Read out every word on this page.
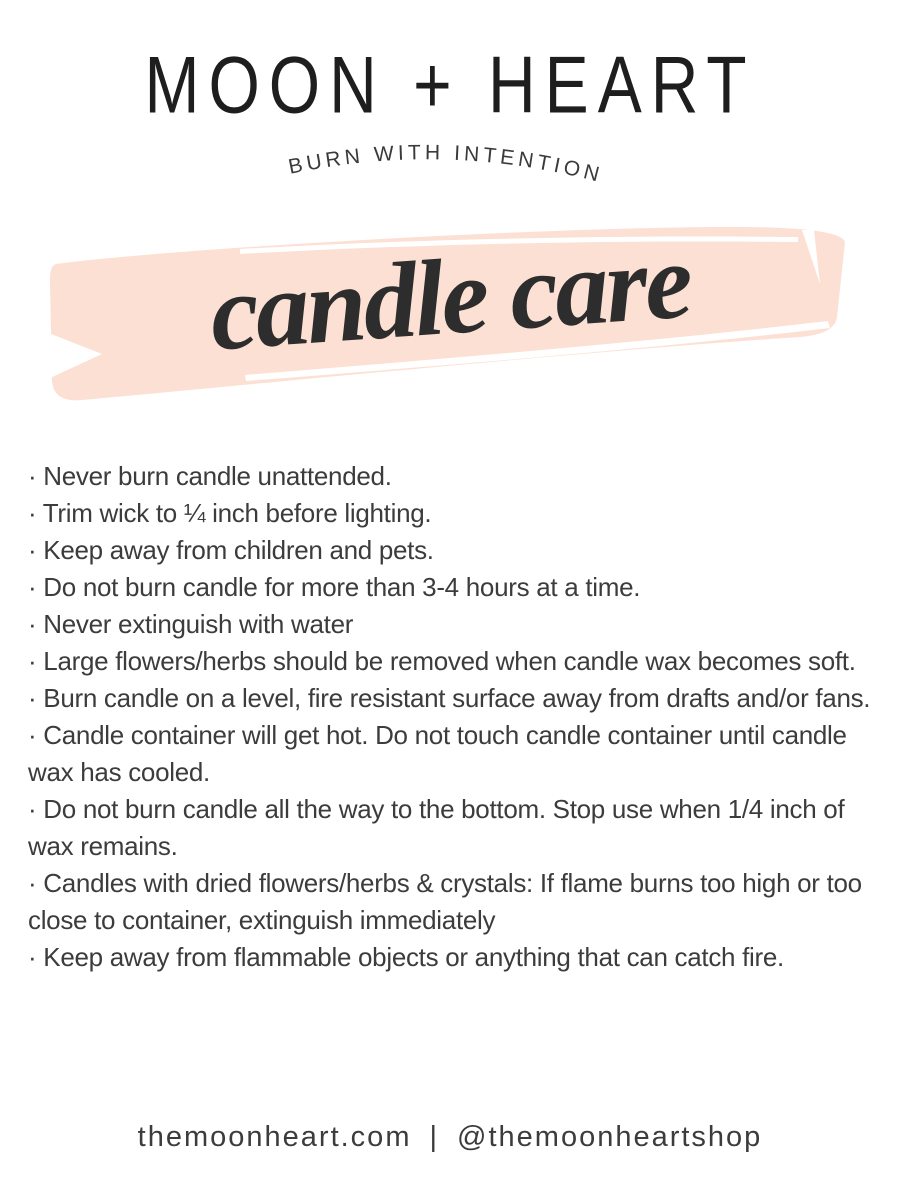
MOON + HEART
BURN WITH INTENTION
candle care

· Never burn candle unattended.

· Trim wick to ¼ inch before lighting.

· Keep away from children and pets.

· Do not burn candle for more than 3-4 hours at a time.

· Never extinguish with water

· Large flowers/herbs should be removed when candle wax becomes soft.

· Burn candle on a level, fire resistant surface away from drafts and/or fans.

· Candle container will get hot. Do not touch candle container until candle wax has cooled.

· Do not burn candle all the way to the bottom. Stop use when 1/4 inch of wax remains.

· Candles with dried flowers/herbs & crystals: If flame burns too high or too close to container, extinguish immediately

· Keep away from flammable objects or anything that can catch fire.

themoonheart.com | @themoonheartshop
